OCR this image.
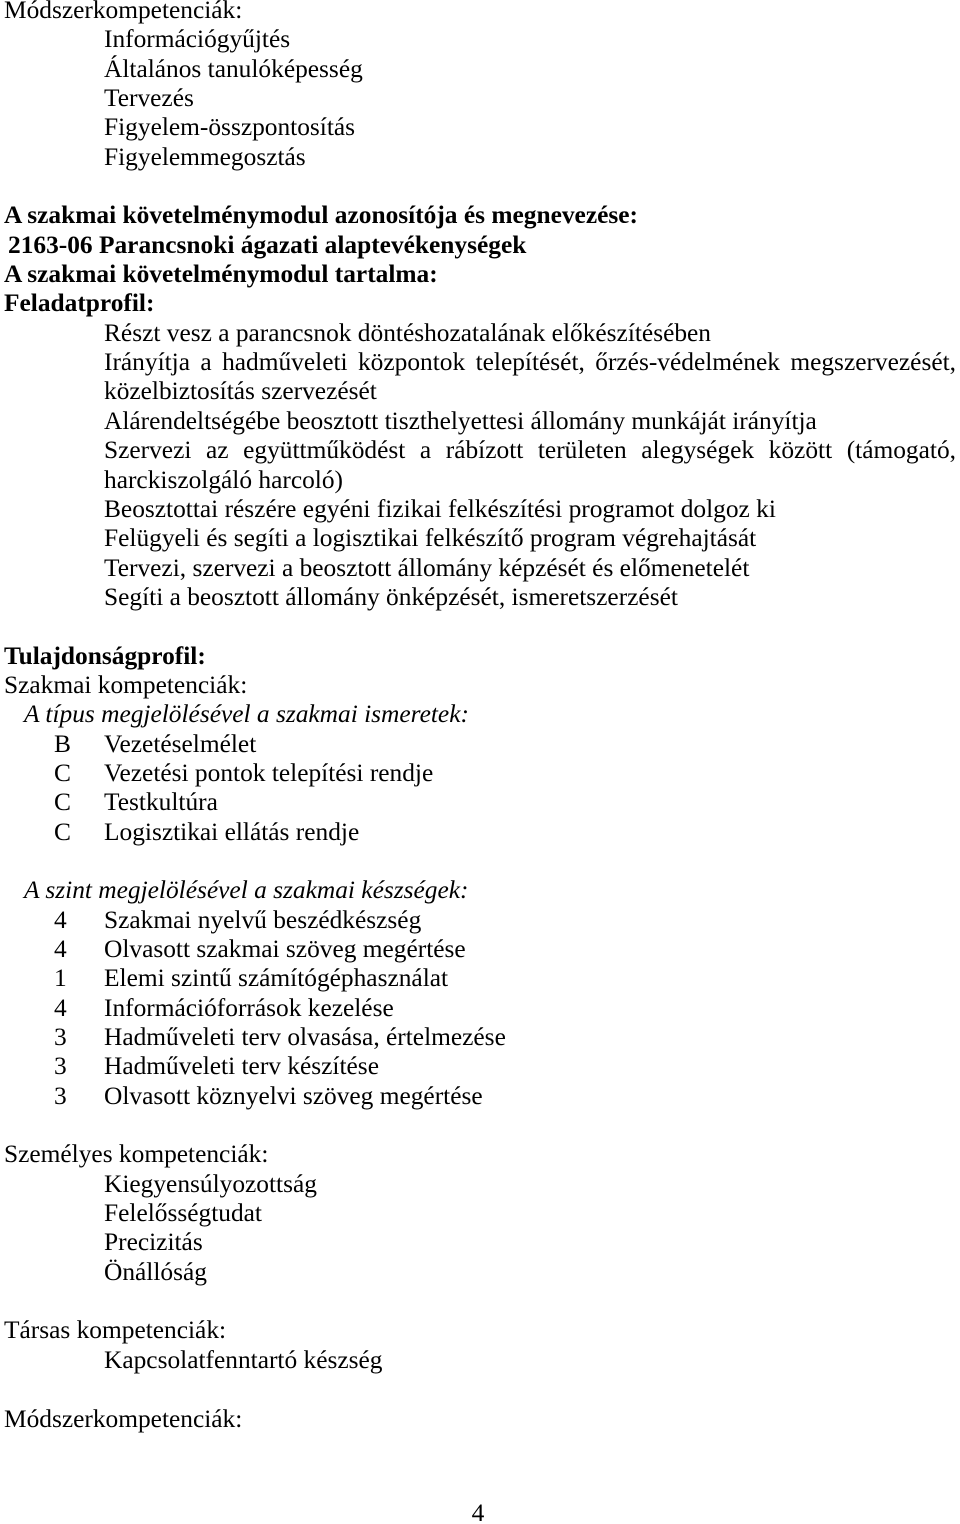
Módszerkompetenciák:
Információgyűjtés
Általános tanulóképesség
Tervezés
Figyelem-összpontosítás
Figyelemmegosztás
A szakmai követelménymodul azonosítója és megnevezése:
2163-06 Parancsnoki ágazati alaptevékenységek
A szakmai követelménymodul tartalma:
Feladatprofil:
Részt vesz a parancsnok döntéshozatalának előkészítésében
Irányítja a hadműveleti központok telepítését, őrzés-védelmének megszervezését, közelbiztosítás szervezését
Alárendeltségébe beosztott tiszthelyettesi állomány munkáját irányítja
Szervezi az együttműködést a rábízott területen alegységek között (támogató, harckiszolgáló harcoló)
Beosztottai részére egyéni fizikai felkészítési programot dolgoz ki
Felügyeli és segíti a logisztikai felkészítő program végrehajtását
Tervezi, szervezi a beosztott állomány képzését és előmenetelét
Segíti a beosztott állomány önképzését, ismeretszerzését
Tulajdonságprofil:
Szakmai kompetenciák:
A típus megjelölésével a szakmai ismeretek:
B	Vezetéselmélet
C	Vezetési pontok telepítési rendje
C	Testkultúra
C	Logisztikai ellátás rendje
A szint megjelölésével a szakmai készségek:
4	Szakmai nyelvű beszédkészség
4	Olvasott szakmai szöveg megértése
1	Elemi szintű számítógéphasználat
4	Információforrások kezelése
3	Hadműveleti terv olvasása, értelmezése
3	Hadműveleti terv készítése
3	Olvasott köznyelvi szöveg megértése
Személyes kompetenciák:
Kiegyensúlyozottság
Felelősségtudat
Precizitás
Önállóság
Társas kompetenciák:
Kapcsolatfenntartó készség
Módszerkompetenciák:
4
